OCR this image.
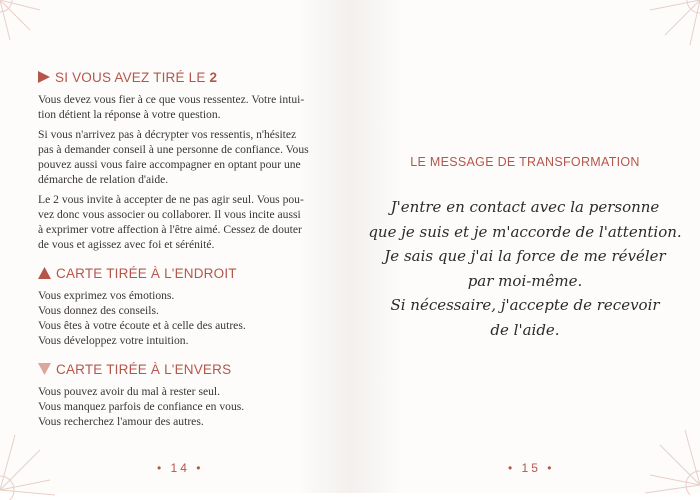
SI VOUS AVEZ TIRÉ LE 2
Vous devez vous fier à ce que vous ressentez. Votre intui-
tion détient la réponse à votre question.
Si vous n'arrivez pas à décrypter vos ressentis, n'hésitez
pas à demander conseil à une personne de confiance. Vous
pouvez aussi vous faire accompagner en optant pour une
démarche de relation d'aide.
Le 2 vous invite à accepter de ne pas agir seul. Vous pou-
vez donc vous associer ou collaborer. Il vous incite aussi
à exprimer votre affection à l'être aimé. Cessez de douter
de vous et agissez avec foi et sérénité.
CARTE TIRÉE À L'ENDROIT
Vous exprimez vos émotions.
Vous donnez des conseils.
Vous êtes à votre écoute et à celle des autres.
Vous développez votre intuition.
CARTE TIRÉE À L'ENVERS
Vous pouvez avoir du mal à rester seul.
Vous manquez parfois de confiance en vous.
Vous recherchez l'amour des autres.
• 14 •
LE MESSAGE DE TRANSFORMATION
J'entre en contact avec la personne
que je suis et je m'accorde de l'attention.
Je sais que j'ai la force de me révéler
par moi-même.
Si nécessaire, j'accepte de recevoir
de l'aide.
• 15 •
